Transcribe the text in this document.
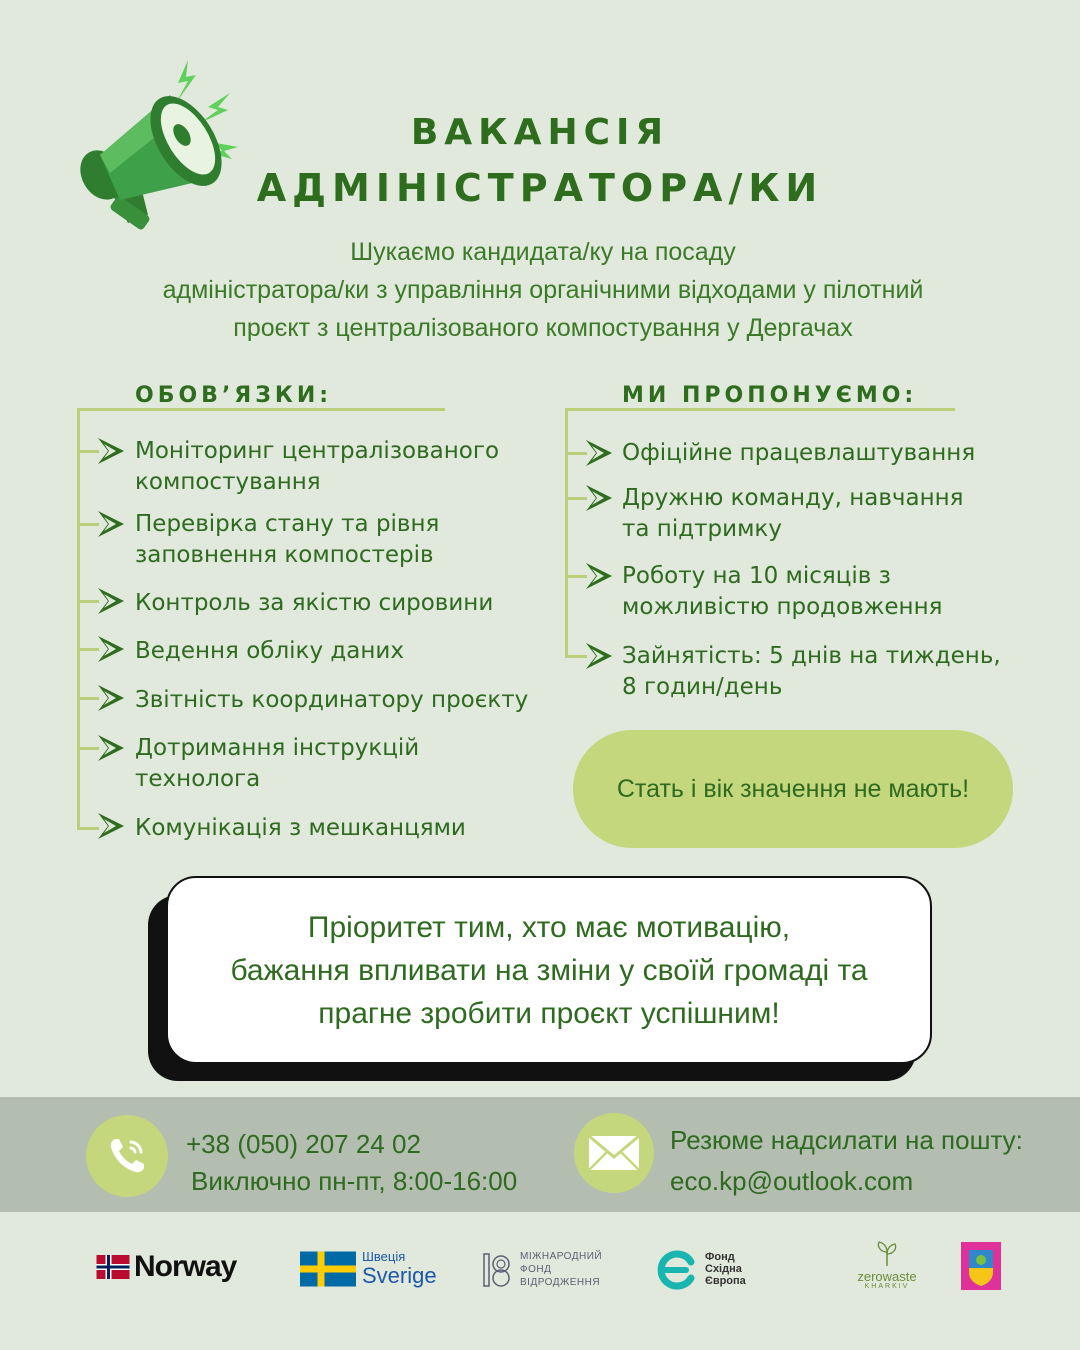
ВАКАНСІЯ
АДМІНІСТРАТОРА/КИ
Шукаємо кандидата/ку на посаду
адміністратора/ки з управління органічними відходами у пілотний
проєкт з централізованого компостування у Дергачах
ОБОВ’ЯЗКИ:
Моніторинг централізованого
компостування
Перевірка стану та рівня
заповнення компостерів
Контроль за якістю сировини
Ведення обліку даних
Звітність координатору проєкту
Дотримання інструкцій
технолога
Комунікація з мешканцями
МИ ПРОПОНУЄМО:
Офіційне працевлаштування
Дружню команду, навчання
та підтримку
Роботу на 10 місяців з
можливістю продовження
Зайнятість: 5 днів на тиждень,
8 годин/день
Стать і вік значення не мають!
Пріоритет тим, хто має мотивацію,
бажання впливати на зміни у своїй громаді та
прагне зробити проєкт успішним!
+38 (050) 207 24 02
Виключно пн-пт, 8:00-16:00
Резюме надсилати на пошту:
eco.kp@outlook.com
Norway	Швеція
Sverige
МІЖНАРОДНИЙ
ФОНД
ВІДРОДЖЕННЯ
Фонд
Східна
Європа	zerowaste
KHARKIV
